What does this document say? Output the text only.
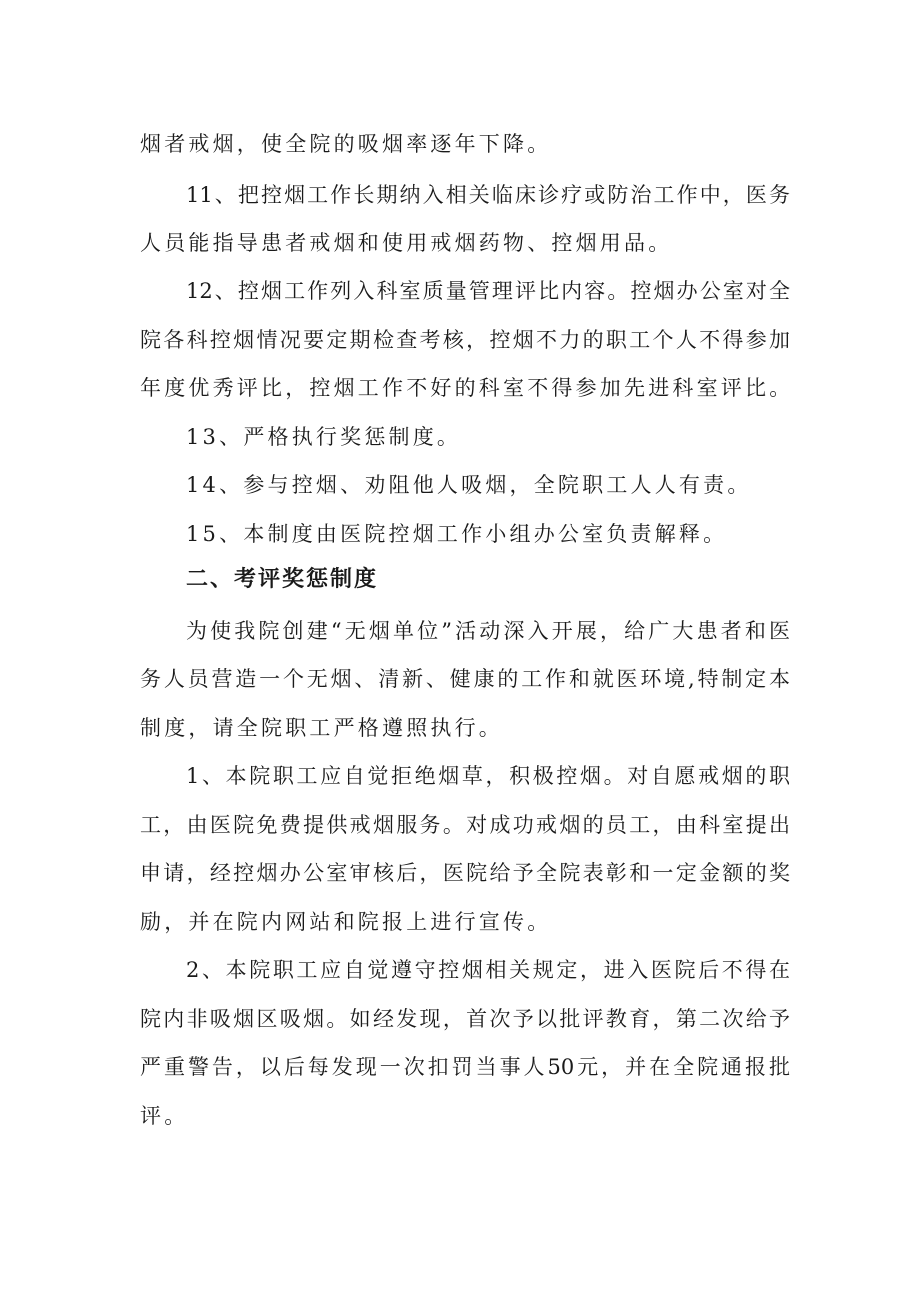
烟者戒烟，使全院的吸烟率逐年下降。
11、把控烟工作长期纳入相关临床诊疗或防治工作中，医务
人员能指导患者戒烟和使用戒烟药物、控烟用品。
12、控烟工作列入科室质量管理评比内容。控烟办公室对全
院各科控烟情况要定期检查考核，控烟不力的职工个人不得参加
年度优秀评比，控烟工作不好的科室不得参加先进科室评比。
13、严格执行奖惩制度。
14、参与控烟、劝阻他人吸烟，全院职工人人有责。
15、本制度由医院控烟工作小组办公室负责解释。
二、考评奖惩制度
为使我院创建“无烟单位”活动深入开展，给广大患者和医
务人员营造一个无烟、清新、健康的工作和就医环境,特制定本
制度，请全院职工严格遵照执行。
1、本院职工应自觉拒绝烟草，积极控烟。对自愿戒烟的职
工，由医院免费提供戒烟服务。对成功戒烟的员工，由科室提出
申请，经控烟办公室审核后，医院给予全院表彰和一定金额的奖
励，并在院内网站和院报上进行宣传。
2、本院职工应自觉遵守控烟相关规定，进入医院后不得在
院内非吸烟区吸烟。如经发现，首次予以批评教育，第二次给予
严重警告，以后每发现一次扣罚当事人50元，并在全院通报批
评。
